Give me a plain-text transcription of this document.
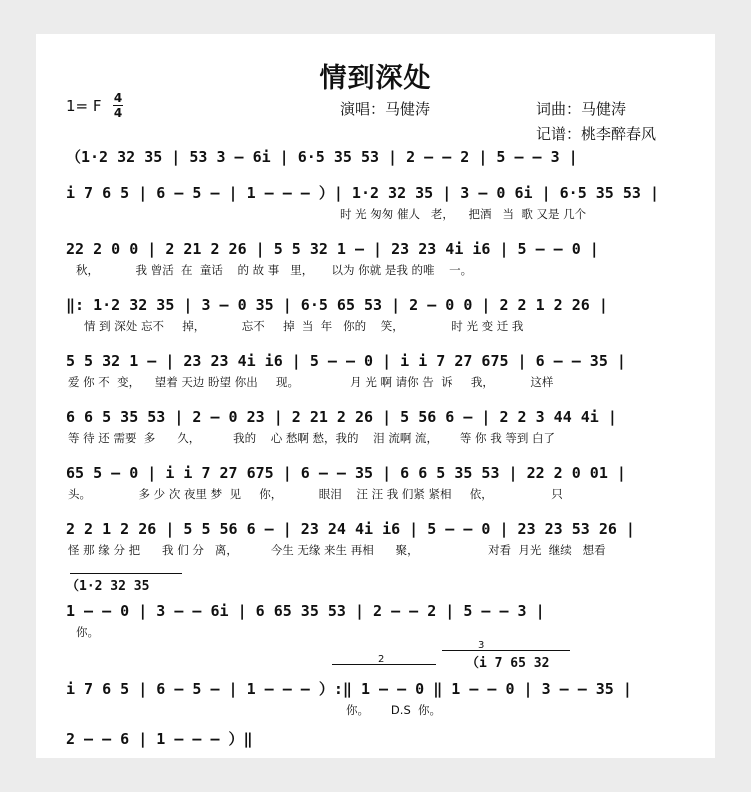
情到深处
1= F 4
4	演唱：马健涛	词曲：马健涛
记谱：桃李醉春风
（1·2 32 35 | 53 3 – 6i | 6·5 35 53 | 2 – – 2 | 5 – – 3 |
i 7 6 5 | 6 – 5 – | 1 – – – ）| 1·2 32 35 | 3 – 0 6i | 6·5 35 53 |
时 光 匆匆 催人   老，    把酒   当  歌 又是 几个
22 2 0 0 | 2 21 2 26 | 5 5 32 1 – | 23 23 4i i6 | 5 – – 0 |
秋，          我 曾活  在  童话    的 故 事   里，     以为 你就 是我 的唯    一。
‖: 1·2 32 35 | 3 – 0 35 | 6·5 65 53 | 2 – 0 0 | 2 2 1 2 26 |
情 到 深处 忘不     掉，          忘不     掉  当  年   你的    笑，             时 光 变 迁 我
5 5 32 1 – | 23 23 4i i6 | 5 – – 0 | i i 7 27 675 | 6 – – 35 |
爱 你 不  变，    望着 天边 盼望 你出     现。              月 光 啊 请你 告  诉     我，          这样
6 6 5 35 53 | 2 – 0 23 | 2 21 2 26 | 5 56 6 – | 2 2 3 44 4i |
等 待 还 需要  多      久，         我的    心 愁啊 愁，我的    泪 流啊 流，      等 你 我 等到 白了
65 5 – 0 | i i 7 27 675 | 6 – – 35 | 6 6 5 35 53 | 22 2 0 01 |
头。             多 少 次 夜里 梦  见     你，          眼泪    汪 汪 我 们紧 紧相     依，                只
2 2 1 2 26 | 5 5 56 6 – | 23 24 4i i6 | 5 – – 0 | 23 23 53 26 |
怪 那 缘 分 把      我 们 分   离，         今生 无缘 来生 再相      聚，                   对看  月光  继续   想看
（1·2 32 35
1 – – 0 | 3 – – 6i | 6 65 35 53 | 2 – – 2 | 5 – – 3 |
你。
3
2	（i 7 65 32
i 7 6 5 | 6 – 5 – | 1 – – – ）:‖ 1 – – 0 ‖ 1 – – 0 | 3 – – 35 |
你。      D.S  你。
2 – – 6 | 1 – – – ）‖
